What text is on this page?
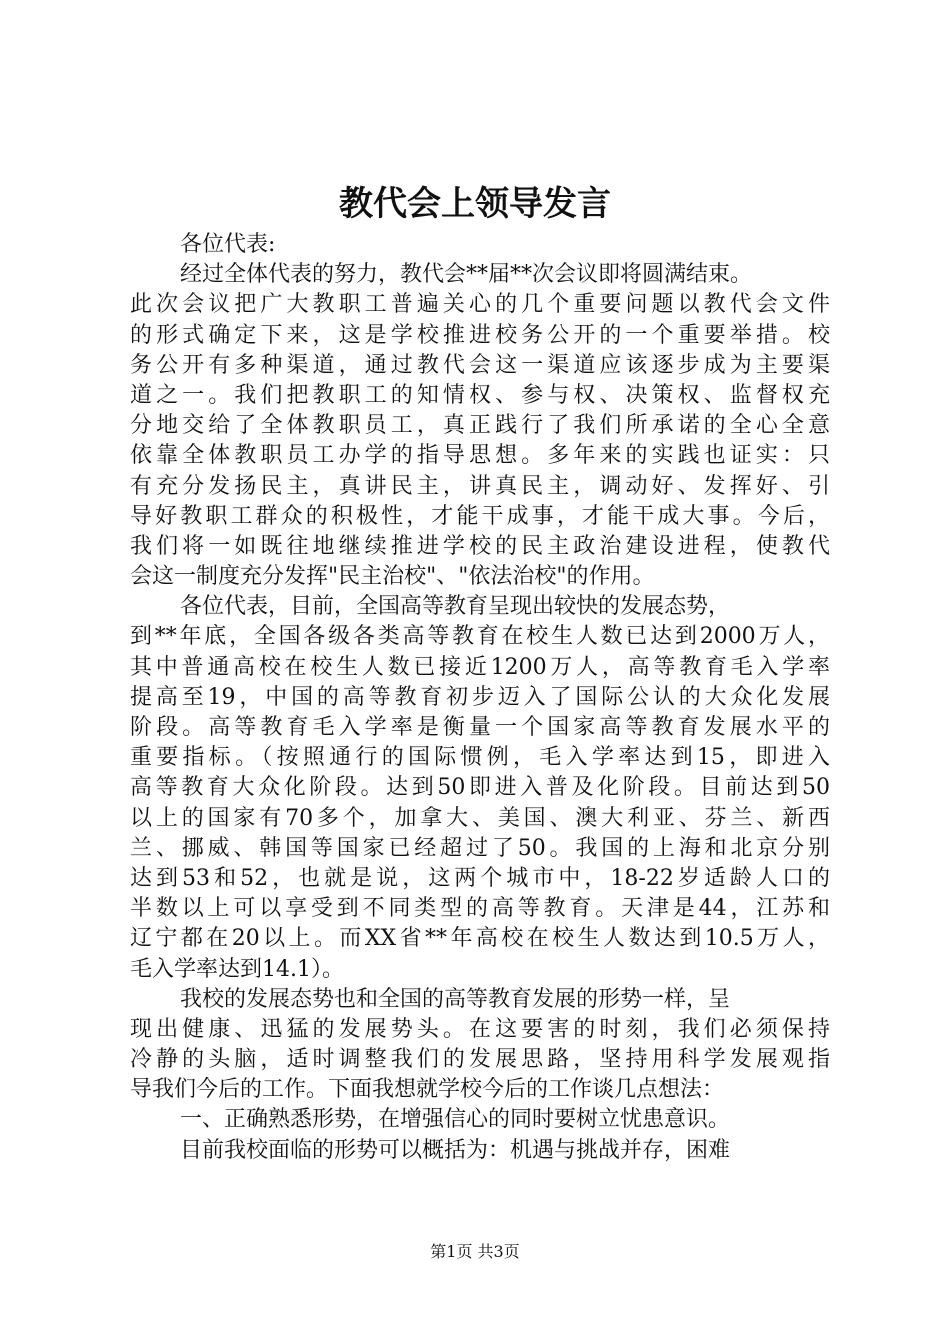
教代会上领导发言
各位代表:
经过全体代表的努力，教代会**届**次会议即将圆满结束。
此次会议把广大教职工普遍关心的几个重要问题以教代会文件
的形式确定下来，这是学校推进校务公开的一个重要举措。校
务公开有多种渠道，通过教代会这一渠道应该逐步成为主要渠
道之一。我们把教职工的知情权、参与权、决策权、监督权充
分地交给了全体教职员工，真正践行了我们所承诺的全心全意
依靠全体教职员工办学的指导思想。多年来的实践也证实：只
有充分发扬民主，真讲民主，讲真民主，调动好、发挥好、引
导好教职工群众的积极性，才能干成事，才能干成大事。今后，
我们将一如既往地继续推进学校的民主政治建设进程，使教代
会这一制度充分发挥"民主治校"、"依法治校"的作用。
各位代表，目前，全国高等教育呈现出较快的发展态势，
到**年底，全国各级各类高等教育在校生人数已达到2000万人，
其中普通高校在校生人数已接近1200万人，高等教育毛入学率
提高至19，中国的高等教育初步迈入了国际公认的大众化发展
阶段。高等教育毛入学率是衡量一个国家高等教育发展水平的
重要指标。（按照通行的国际惯例，毛入学率达到15，即进入
高等教育大众化阶段。达到50即进入普及化阶段。目前达到50
以上的国家有70多个，加拿大、美国、澳大利亚、芬兰、新西
兰、挪威、韩国等国家已经超过了50。我国的上海和北京分别
达到53和52，也就是说，这两个城市中，18-22岁适龄人口的
半数以上可以享受到不同类型的高等教育。天津是44，江苏和
辽宁都在20以上。而XX省**年高校在校生人数达到10.5万人，
毛入学率达到14.1）。
我校的发展态势也和全国的高等教育发展的形势一样，呈
现出健康、迅猛的发展势头。在这要害的时刻，我们必须保持
冷静的头脑，适时调整我们的发展思路，坚持用科学发展观指
导我们今后的工作。下面我想就学校今后的工作谈几点想法：
一、正确熟悉形势，在增强信心的同时要树立忧患意识。
目前我校面临的形势可以概括为：机遇与挑战并存，困难
第1页 共3页
